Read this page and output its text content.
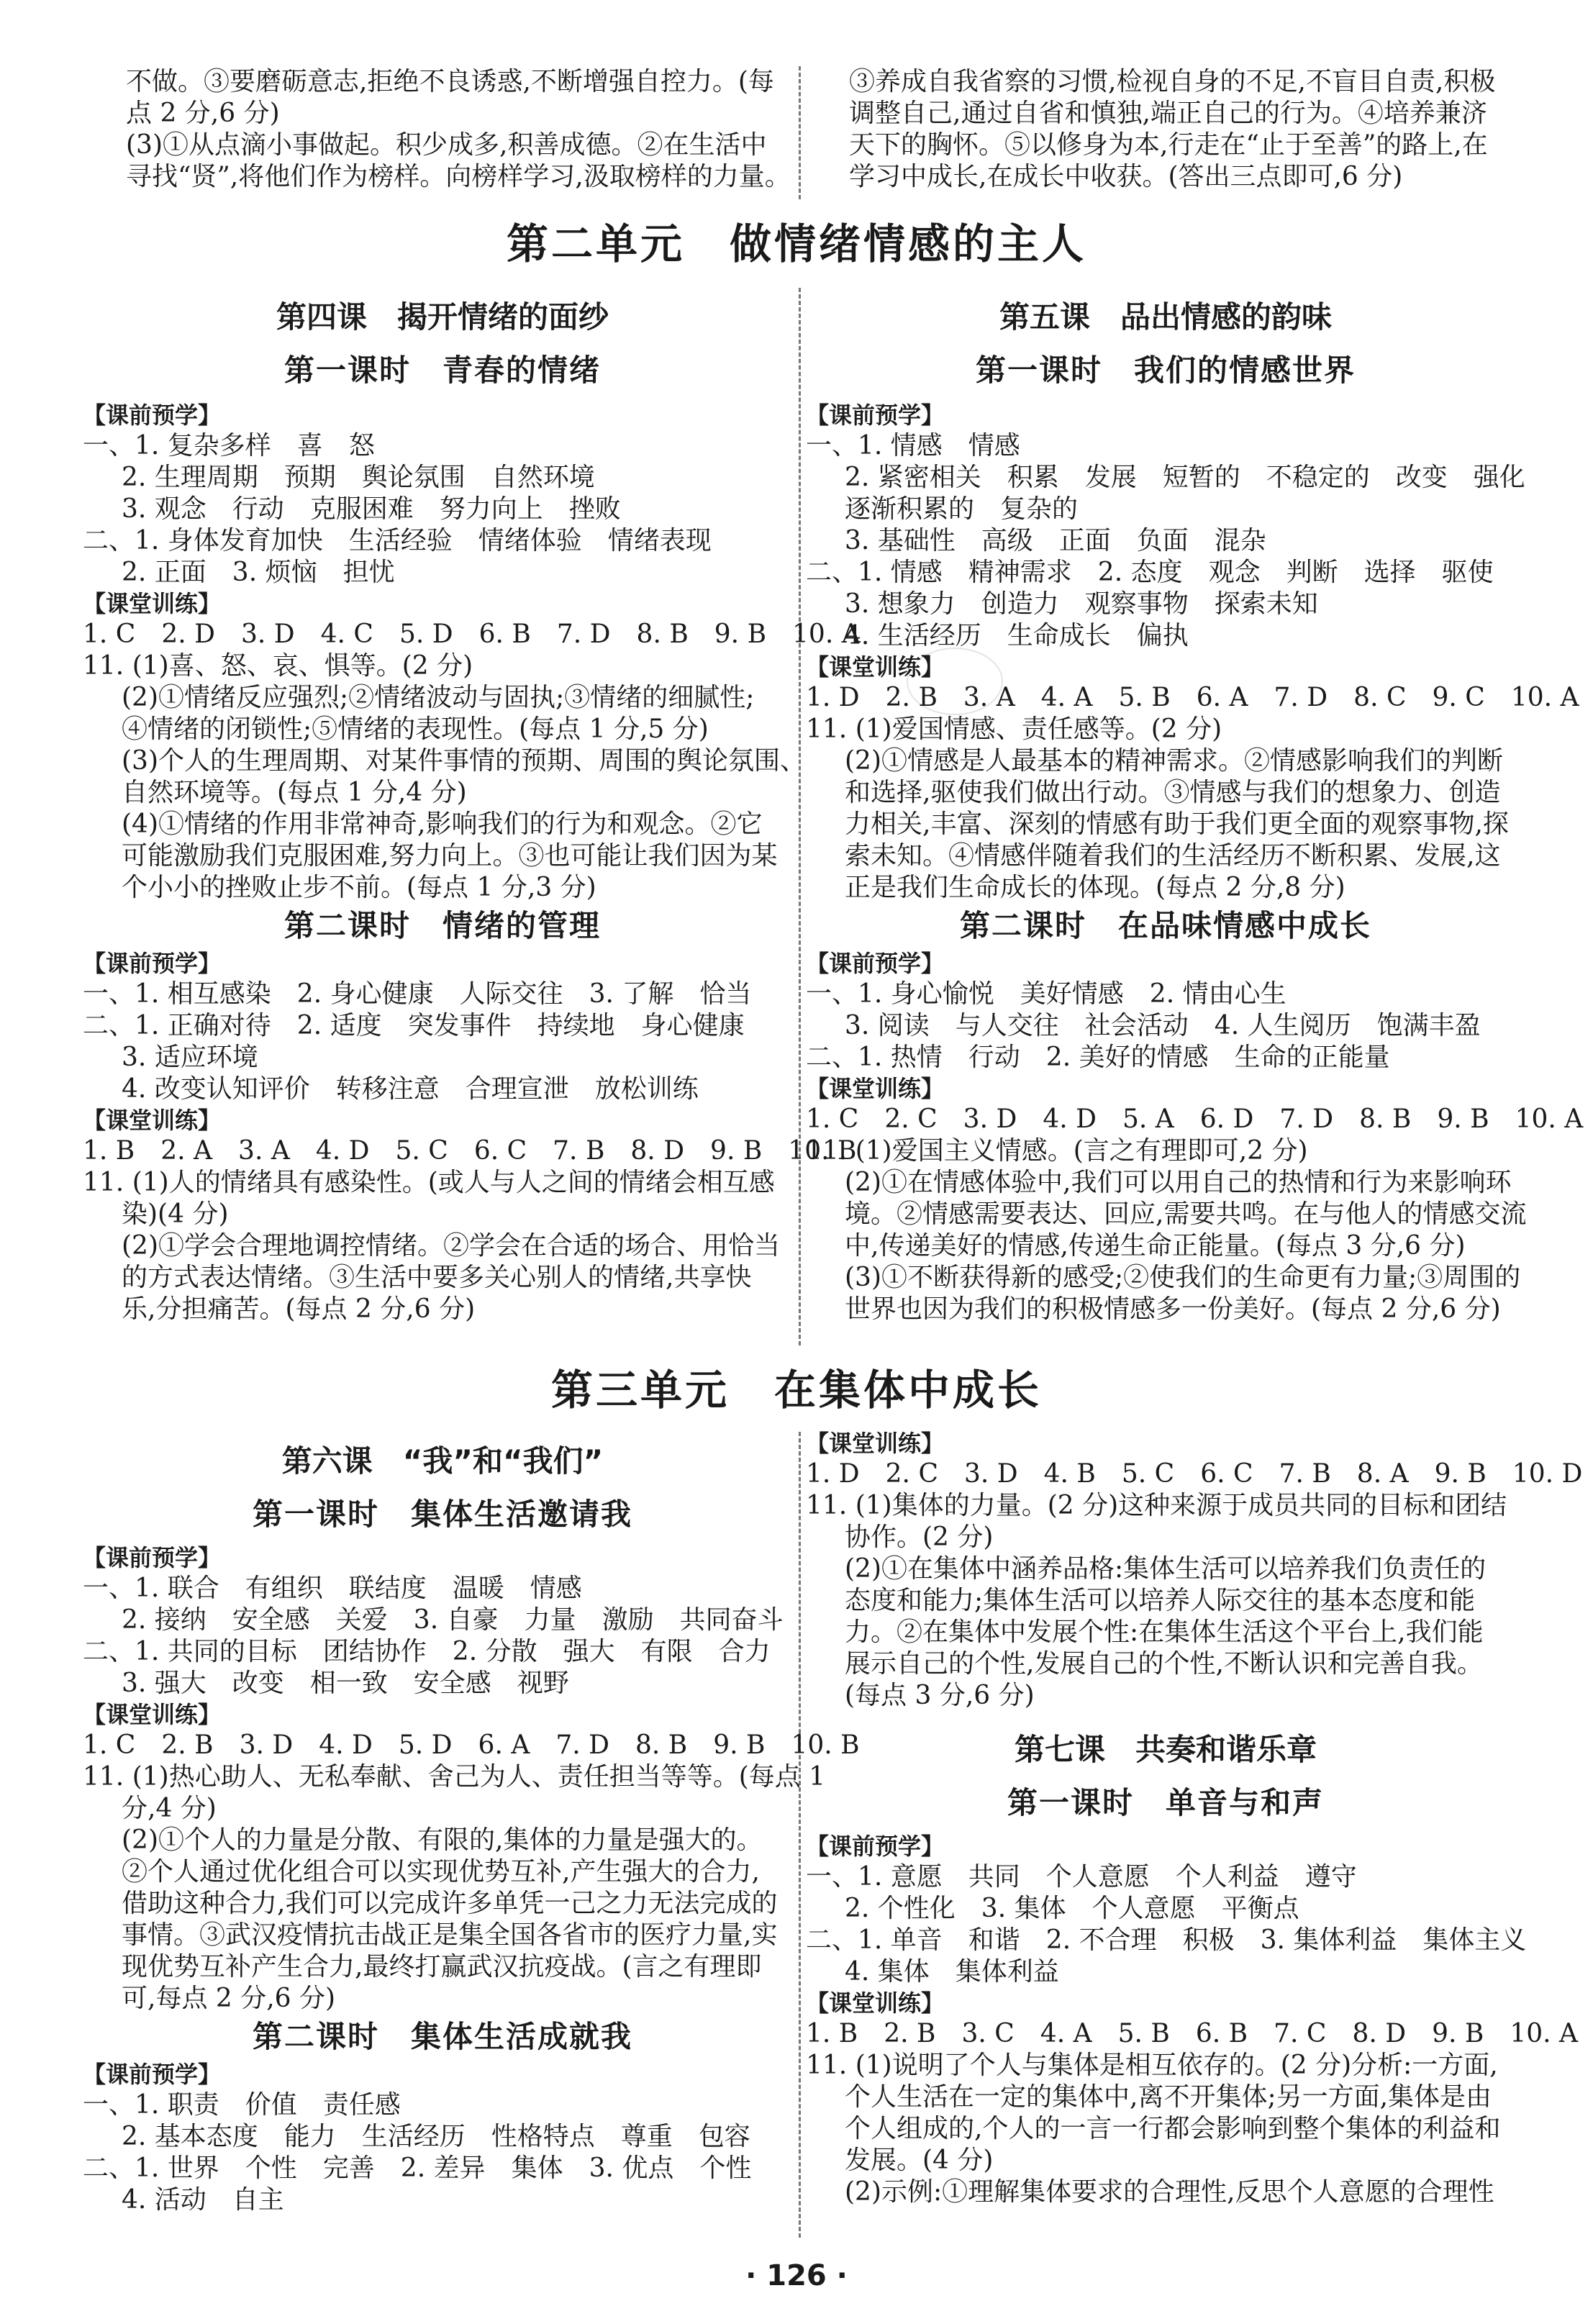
不做。③要磨砺意志,拒绝不良诱惑,不断增强自控力。(每

点 2 分,6 分)

(3)①从点滴小事做起。积少成多,积善成德。②在生活中

寻找“贤”,将他们作为榜样。向榜样学习,汲取榜样的力量。

③养成自我省察的习惯,检视自身的不足,不盲目自责,积极

调整自己,通过自省和慎独,端正自己的行为。④培养兼济

天下的胸怀。⑤以修身为本,行走在“止于至善”的路上,在

学习中成长,在成长中收获。(答出三点即可,6 分)

第二单元　做情绪情感的主人
第四课　揭开情绪的面纱
第一课时　青春的情绪

【课前预学】

一、1. 复杂多样　喜　怒

2. 生理周期　预期　舆论氛围　自然环境

3. 观念　行动　克服困难　努力向上　挫败

二、1. 身体发育加快　生活经验　情绪体验　情绪表现

2. 正面　3. 烦恼　担忧

【课堂训练】

1. C　2. D　3. D　4. C　5. D　6. B　7. D　8. B　9. B　10. A

11. (1)喜、怒、哀、惧等。(2 分)

(2)①情绪反应强烈;②情绪波动与固执;③情绪的细腻性;

④情绪的闭锁性;⑤情绪的表现性。(每点 1 分,5 分)

(3)个人的生理周期、对某件事情的预期、周围的舆论氛围、

自然环境等。(每点 1 分,4 分)

(4)①情绪的作用非常神奇,影响我们的行为和观念。②它

可能激励我们克服困难,努力向上。③也可能让我们因为某

个小小的挫败止步不前。(每点 1 分,3 分)

第二课时　情绪的管理

【课前预学】

一、1. 相互感染　2. 身心健康　人际交往　3. 了解　恰当

二、1. 正确对待　2. 适度　突发事件　持续地　身心健康

3. 适应环境

4. 改变认知评价　转移注意　合理宣泄　放松训练

【课堂训练】

1. B　2. A　3. A　4. D　5. C　6. C　7. B　8. D　9. B　10. B

11. (1)人的情绪具有感染性。(或人与人之间的情绪会相互感

染)(4 分)

(2)①学会合理地调控情绪。②学会在合适的场合、用恰当

的方式表达情绪。③生活中要多关心别人的情绪,共享快

乐,分担痛苦。(每点 2 分,6 分)

第五课　品出情感的韵味
第一课时　我们的情感世界

【课前预学】

一、1. 情感　情感

2. 紧密相关　积累　发展　短暂的　不稳定的　改变　强化

逐渐积累的　复杂的

3. 基础性　高级　正面　负面　混杂

二、1. 情感　精神需求　2. 态度　观念　判断　选择　驱使

3. 想象力　创造力　观察事物　探索未知

4. 生活经历　生命成长　偏执

【课堂训练】

1. D　2. B　3. A　4. A　5. B　6. A　7. D　8. C　9. C　10. A

11. (1)爱国情感、责任感等。(2 分)

(2)①情感是人最基本的精神需求。②情感影响我们的判断

和选择,驱使我们做出行动。③情感与我们的想象力、创造

力相关,丰富、深刻的情感有助于我们更全面的观察事物,探

索未知。④情感伴随着我们的生活经历不断积累、发展,这

正是我们生命成长的体现。(每点 2 分,8 分)

第二课时　在品味情感中成长

【课前预学】

一、1. 身心愉悦　美好情感　2. 情由心生

3. 阅读　与人交往　社会活动　4. 人生阅历　饱满丰盈

二、1. 热情　行动　2. 美好的情感　生命的正能量

【课堂训练】

1. C　2. C　3. D　4. D　5. A　6. D　7. D　8. B　9. B　10. A

11. (1)爱国主义情感。(言之有理即可,2 分)

(2)①在情感体验中,我们可以用自己的热情和行为来影响环

境。②情感需要表达、回应,需要共鸣。在与他人的情感交流

中,传递美好的情感,传递生命正能量。(每点 3 分,6 分)

(3)①不断获得新的感受;②使我们的生命更有力量;③周围的

世界也因为我们的积极情感多一份美好。(每点 2 分,6 分)

第三单元　在集体中成长
第六课　“我”和“我们”
第一课时　集体生活邀请我

【课前预学】

一、1. 联合　有组织　联结度　温暖　情感

2. 接纳　安全感　关爱　3. 自豪　力量　激励　共同奋斗

二、1. 共同的目标　团结协作　2. 分散　强大　有限　合力

3. 强大　改变　相一致　安全感　视野

【课堂训练】

1. C　2. B　3. D　4. D　5. D　6. A　7. D　8. B　9. B　10. B

11. (1)热心助人、无私奉献、舍己为人、责任担当等等。(每点 1

分,4 分)

(2)①个人的力量是分散、有限的,集体的力量是强大的。

②个人通过优化组合可以实现优势互补,产生强大的合力,

借助这种合力,我们可以完成许多单凭一己之力无法完成的

事情。③武汉疫情抗击战正是集全国各省市的医疗力量,实

现优势互补产生合力,最终打赢武汉抗疫战。(言之有理即

可,每点 2 分,6 分)

第二课时　集体生活成就我

【课前预学】

一、1. 职责　价值　责任感

2. 基本态度　能力　生活经历　性格特点　尊重　包容

二、1. 世界　个性　完善　2. 差异　集体　3. 优点　个性

4. 活动　自主

【课堂训练】

1. D　2. C　3. D　4. B　5. C　6. C　7. B　8. A　9. B　10. D

11. (1)集体的力量。(2 分)这种来源于成员共同的目标和团结

协作。(2 分)

(2)①在集体中涵养品格:集体生活可以培养我们负责任的

态度和能力;集体生活可以培养人际交往的基本态度和能

力。②在集体中发展个性:在集体生活这个平台上,我们能

展示自己的个性,发展自己的个性,不断认识和完善自我。

(每点 3 分,6 分)

第七课　共奏和谐乐章
第一课时　单音与和声

【课前预学】

一、1. 意愿　共同　个人意愿　个人利益　遵守

2. 个性化　3. 集体　个人意愿　平衡点

二、1. 单音　和谐　2. 不合理　积极　3. 集体利益　集体主义

4. 集体　集体利益

【课堂训练】

1. B　2. B　3. C　4. A　5. B　6. B　7. C　8. D　9. B　10. A

11. (1)说明了个人与集体是相互依存的。(2 分)分析:一方面,

个人生活在一定的集体中,离不开集体;另一方面,集体是由

个人组成的,个人的一言一行都会影响到整个集体的利益和

发展。(4 分)

(2)示例:①理解集体要求的合理性,反思个人意愿的合理性

· 126 ·
